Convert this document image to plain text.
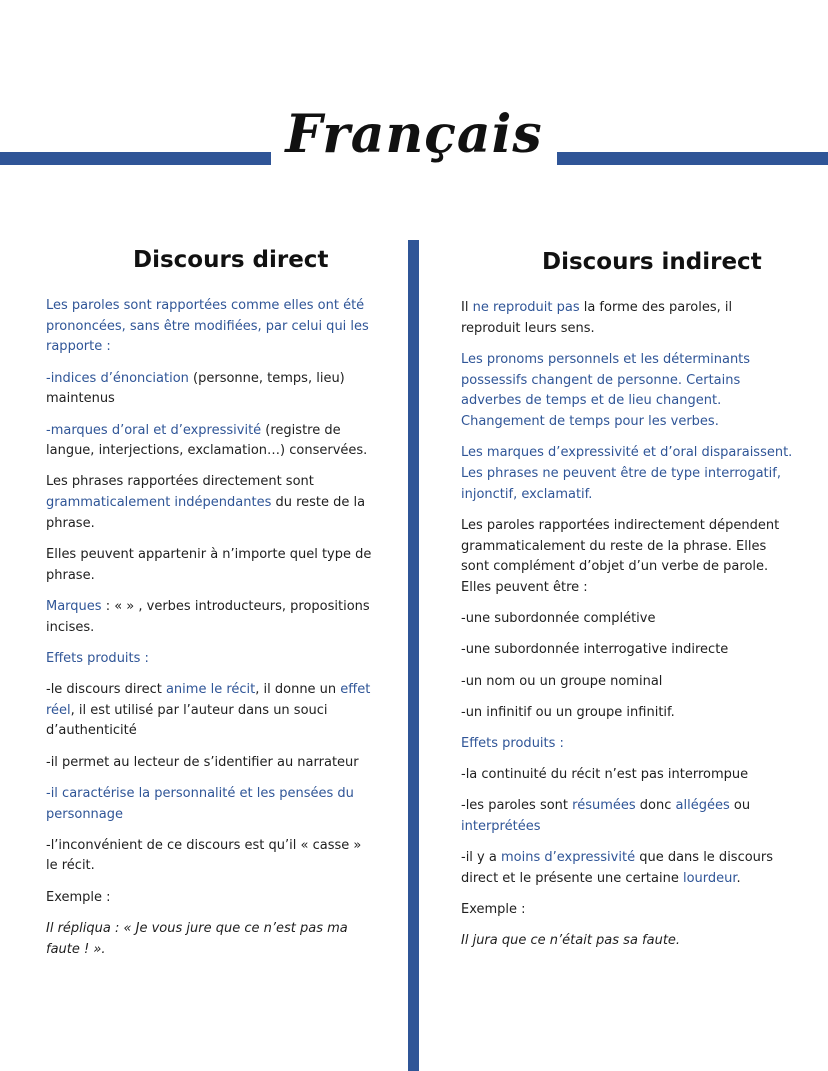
Français
Discours direct

Les paroles sont rapportées comme elles ont été prononcées, sans être modifiées, par celui qui les rapporte :

-indices d’énonciation (personne, temps, lieu) maintenus

-marques d’oral et d’expressivité (registre de langue, interjections, exclamation…) conservées.

Les phrases rapportées directement sont grammaticalement indépendantes du reste de la phrase.

Elles peuvent appartenir à n’importe quel type de phrase.

Marques : « » , verbes introducteurs, propositions incises.

Effets produits :

-le discours direct anime le récit, il donne un effet réel, il est utilisé par l’auteur dans un souci d’authenticité

-il permet au lecteur de s’identifier au narrateur

-il caractérise la personnalité et les pensées du personnage

-l’inconvénient de ce discours est qu’il « casse » le récit.

Exemple :

Il répliqua : « Je vous jure que ce n’est pas ma faute ! ».

Discours indirect

Il ne reproduit pas la forme des paroles, il reproduit leurs sens.

Les pronoms personnels et les déterminants possessifs changent de personne. Certains adverbes de temps et de lieu changent. Changement de temps pour les verbes.

Les marques d’expressivité et d’oral disparaissent. Les phrases ne peuvent être de type interrogatif, injonctif, exclamatif.

Les paroles rapportées indirectement dépendent grammaticalement du reste de la phrase. Elles sont complément d’objet d’un verbe de parole. Elles peuvent être :

-une subordonnée complétive

-une subordonnée interrogative indirecte

-un nom ou un groupe nominal

-un infinitif ou un groupe infinitif.

Effets produits :

-la continuité du récit n’est pas interrompue

-les paroles sont résumées donc allégées ou interprétées

-il y a moins d’expressivité que dans le discours direct et le présente une certaine lourdeur.

Exemple :

Il jura que ce n’était pas sa faute.
